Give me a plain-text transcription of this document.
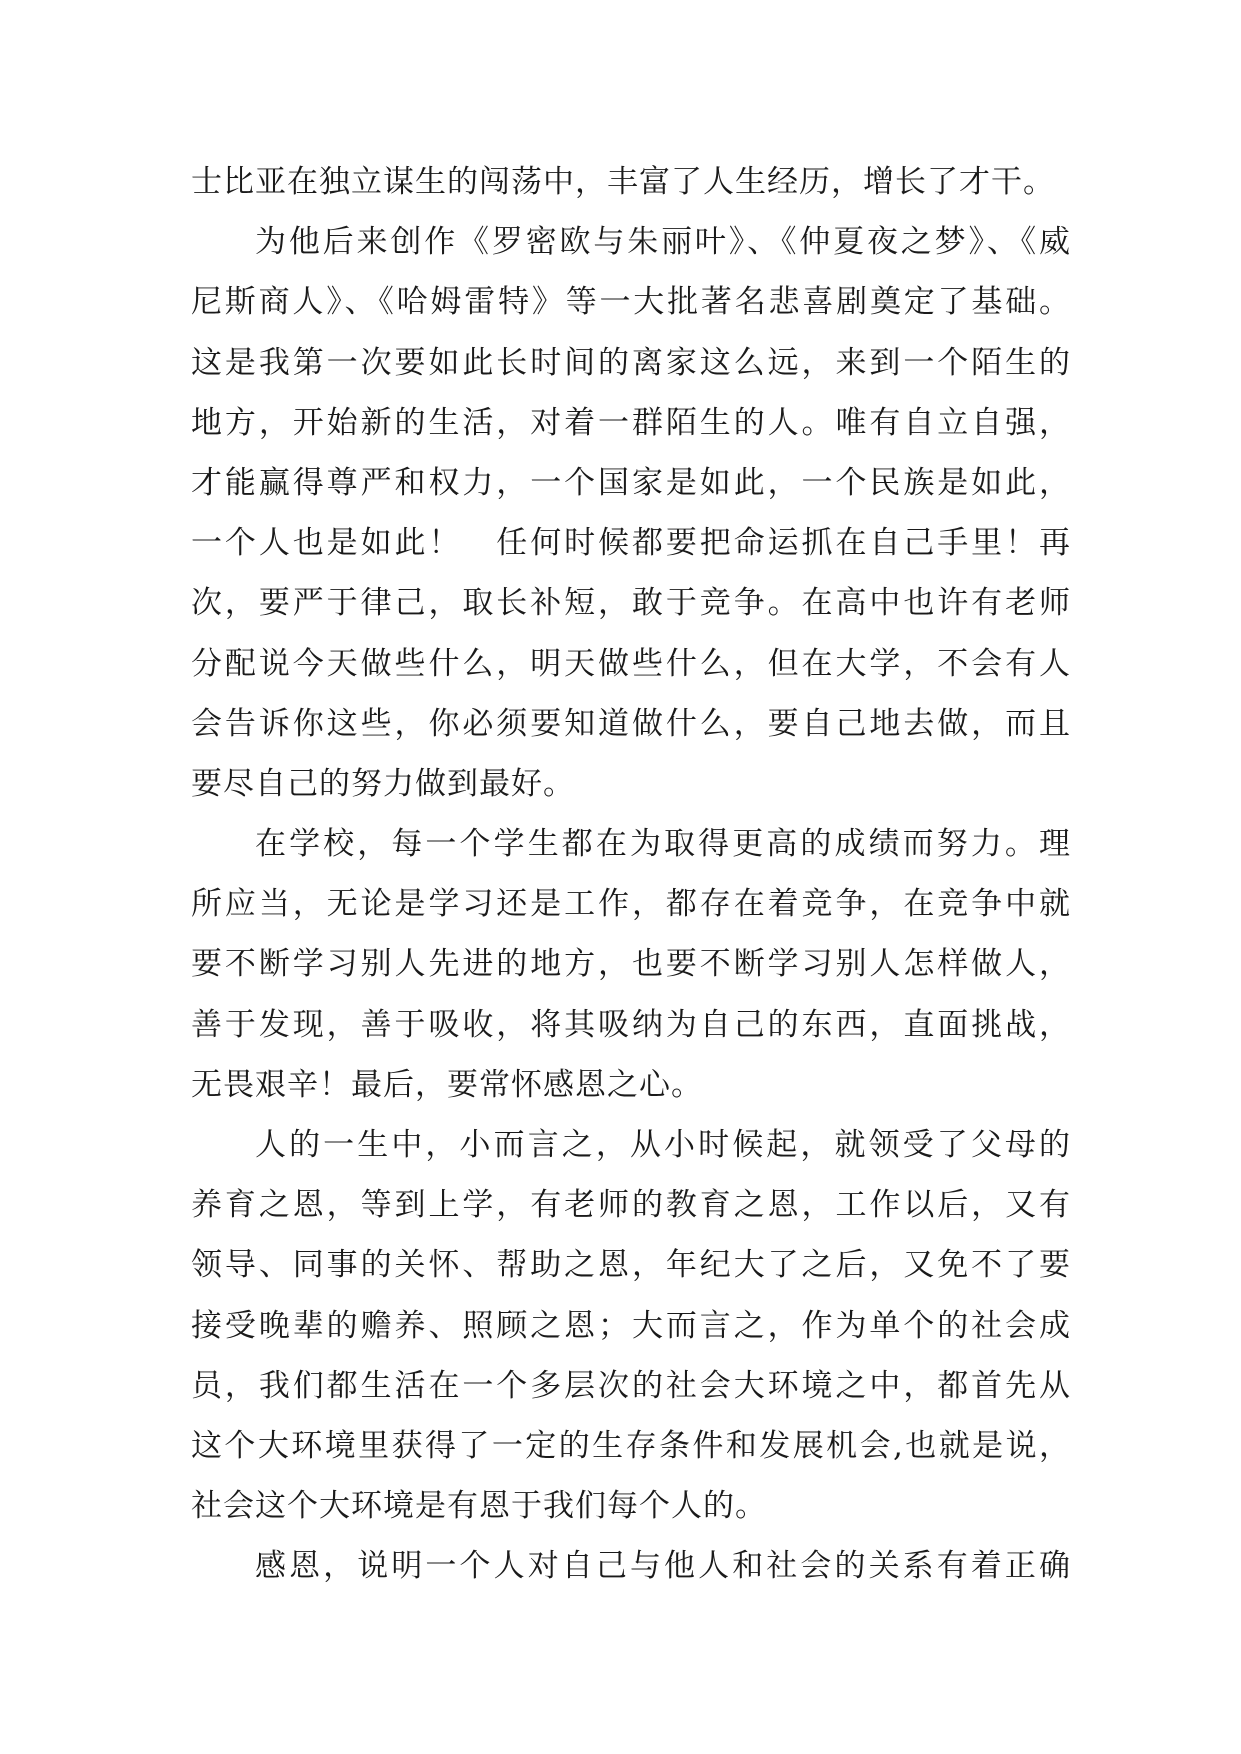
士比亚在独立谋生的闯荡中，丰富了人生经历，增长了才干。
为他后来创作《罗密欧与朱丽叶》、《仲夏夜之梦》、《威
尼斯商人》、《哈姆雷特》等一大批著名悲喜剧奠定了基础。
这是我第一次要如此长时间的离家这么远，来到一个陌生的
地方，开始新的生活，对着一群陌生的人。唯有自立自强，
才能赢得尊严和权力，一个国家是如此，一个民族是如此，
一个人也是如此！　任何时候都要把命运抓在自己手里！再
次，要严于律己，取长补短，敢于竞争。在高中也许有老师
分配说今天做些什么，明天做些什么，但在大学，不会有人
会告诉你这些，你必须要知道做什么，要自己地去做，而且
要尽自己的努力做到最好。
在学校，每一个学生都在为取得更高的成绩而努力。理
所应当，无论是学习还是工作，都存在着竞争，在竞争中就
要不断学习别人先进的地方，也要不断学习别人怎样做人，
善于发现，善于吸收，将其吸纳为自己的东西，直面挑战，
无畏艰辛！最后，要常怀感恩之心。
人的一生中，小而言之，从小时候起，就领受了父母的
养育之恩，等到上学，有老师的教育之恩，工作以后，又有
领导、同事的关怀、帮助之恩，年纪大了之后，又免不了要
接受晚辈的赡养、照顾之恩；大而言之，作为单个的社会成
员，我们都生活在一个多层次的社会大环境之中，都首先从
这个大环境里获得了一定的生存条件和发展机会,也就是说，
社会这个大环境是有恩于我们每个人的。
感恩，说明一个人对自己与他人和社会的关系有着正确
